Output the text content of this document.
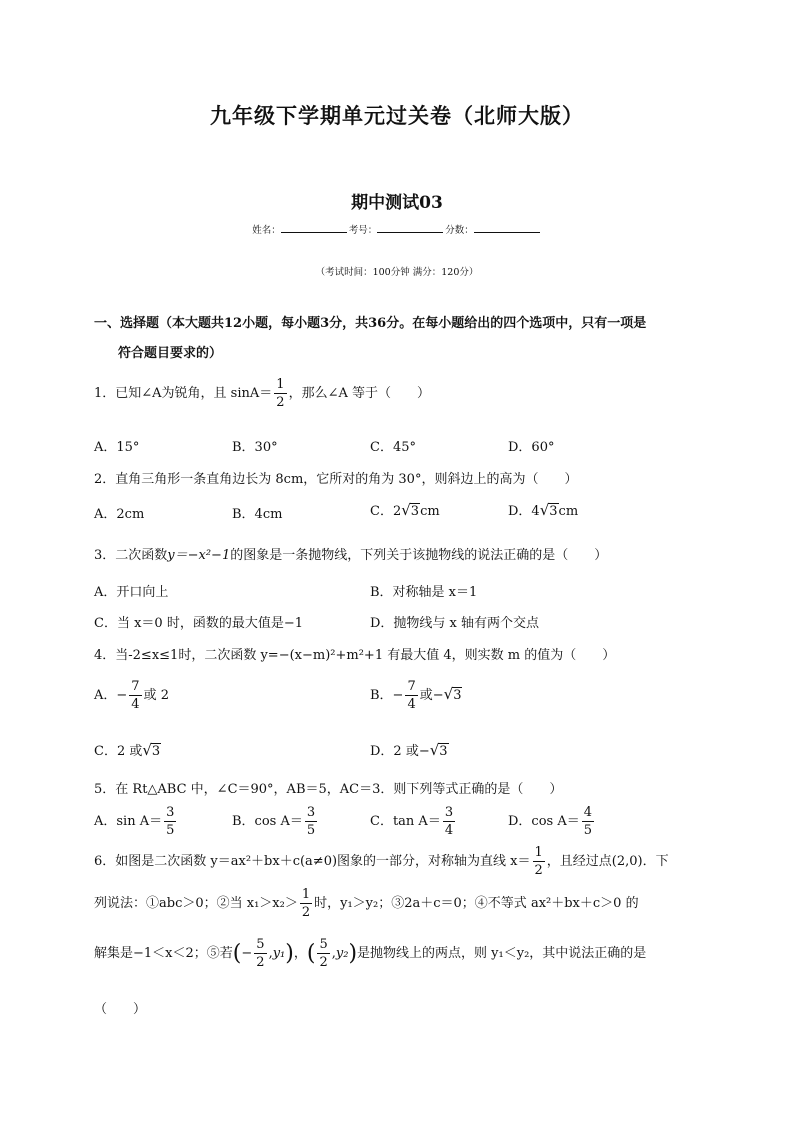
九年级下学期单元过关卷（北师大版）
期中测试03
姓名：	考号：	分数：
（考试时间：100分钟 满分：120分）
一、选择题（本大题共12小题，每小题3分，共36分。在每小题给出的四个选项中，只有一项是
符合题目要求的）
1．已知∠A为锐角，且 $\sin A= \frac{1}{2}$ ，那么∠A 等于（　　）
A．15°	B．30°	C．45°	D．60°
2．直角三角形一条直角边长为 8cm，它所对的角为 30°，则斜边上的高为（　　）
A．2cm	B．4cm	C．2√3cm	D．4√3cm
3．二次函数y＝−x²−1的图象是一条抛物线，下列关于该抛物线的说法正确的是（　　）
A．开口向上	B．对称轴是 x＝1
C．当 x＝0 时，函数的最大值是−1	D．抛物线与 x 轴有两个交点
4．当-2≤x≤1时，二次函数 y=−(x−m)²+m²+1 有最大值 4，则实数 m 的值为（　　）
A．− $\frac{7}{4}$ 或 2	B．− $\frac{7}{4}$ 或−√3
C．2 或√3	D．2 或−√3
5．在 Rt△ABC 中，∠C＝90°，AB＝5，AC＝3．则下列等式正确的是（　　）
A．$\sin A= \frac{3}{5}$	B．$\cos A= \frac{3}{5}$	C．$\tan A= \frac{3}{4}$	D．$\cos A= \frac{4}{5}$
6．如图是二次函数 y＝ax²＋bx＋c(a≠0)图象的一部分，对称轴为直线 $x= \frac{1}{2}$ ，且经过点(2,0)．下
列说法：①abc＞0；②当 $x_1>x_2> \frac{1}{2}$ 时，y₁＞y₂；③2a＋c＝0；④不等式 ax²＋bx＋c＞0 的
解集是−1＜x＜2；⑤若(− $\frac{5}{2} ,y_1$)，( $\frac{5}{2} ,y_2$)是抛物线上的两点，则 y₁＜y₂，其中说法正确的是
（　　）
